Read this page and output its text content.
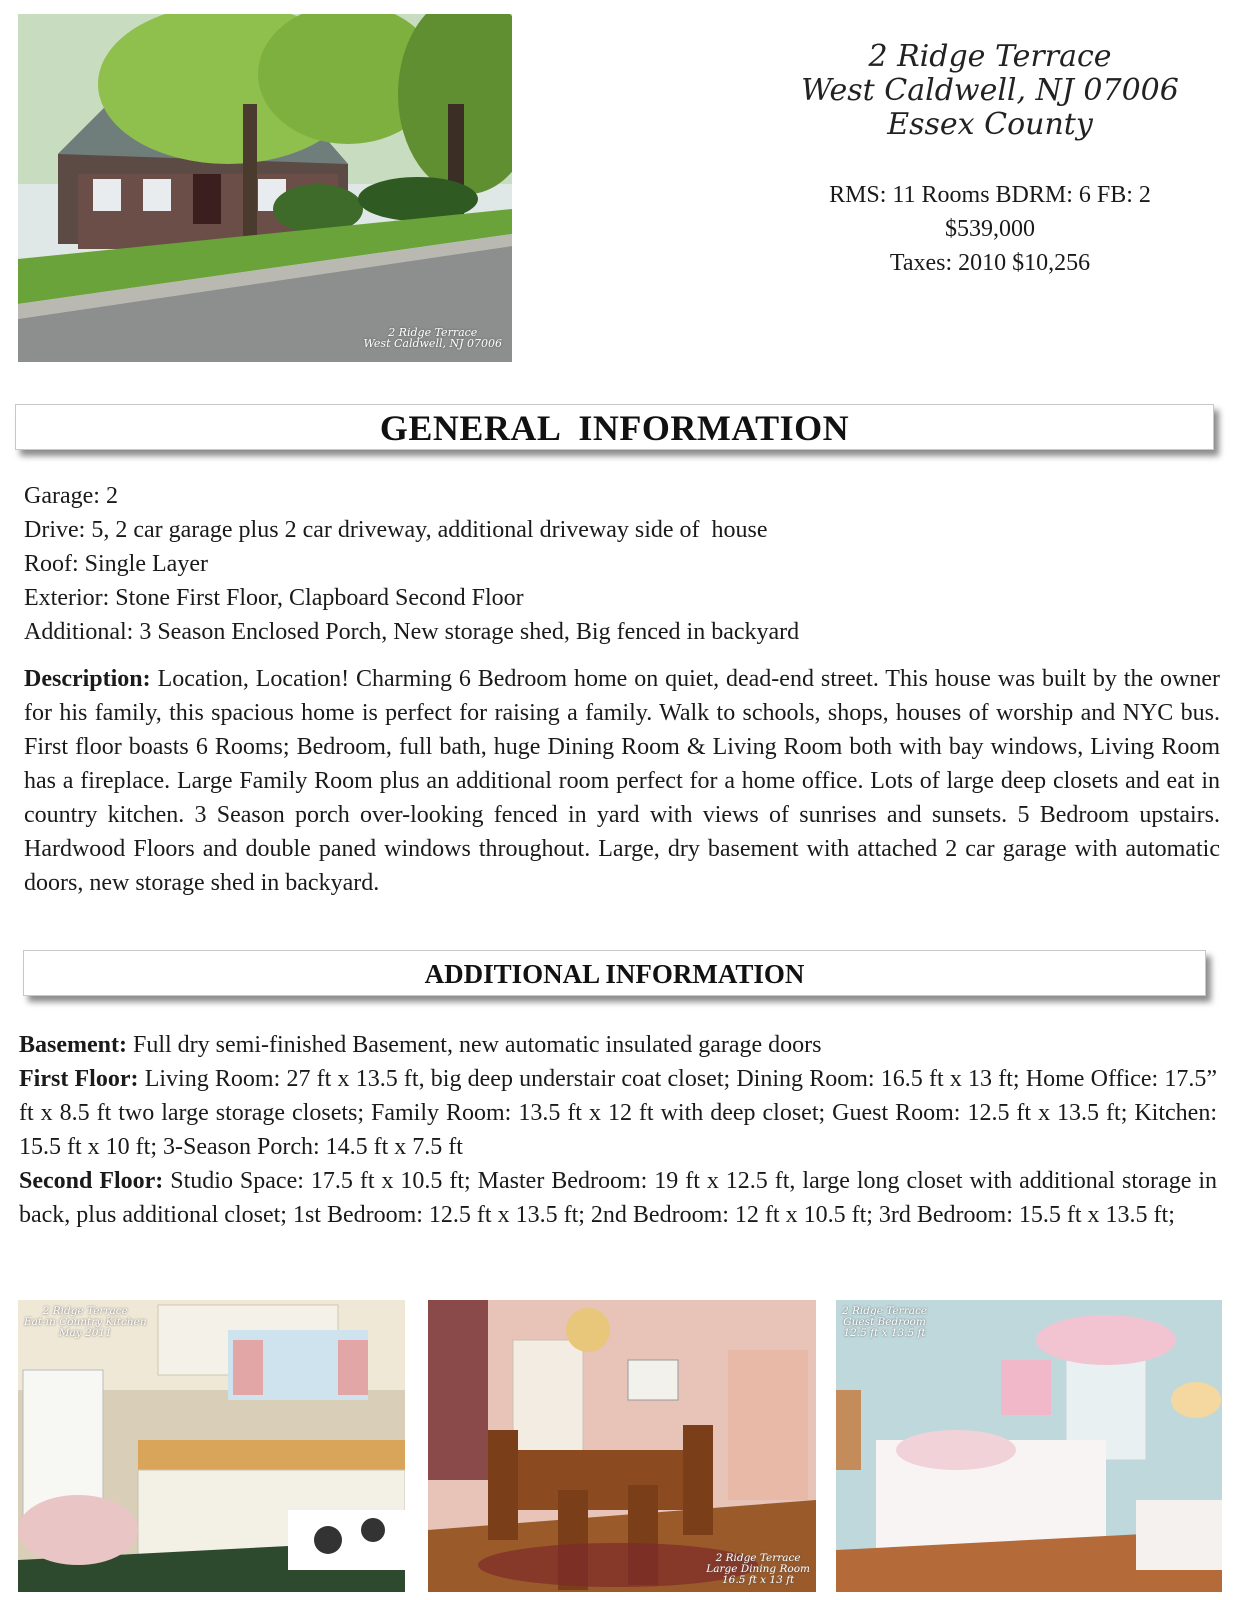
2 Ridge Terrace
West Caldwell, NJ 07006
2 Ridge Terrace
West Caldwell, NJ 07006
Essex County
RMS: 11 Rooms BDRM: 6 FB: 2
$539,000
Taxes: 2010 $10,256
GENERAL  INFORMATION
Garage: 2
Drive: 5, 2 car garage plus 2 car driveway, additional driveway side of  house
Roof: Single Layer
Exterior: Stone First Floor, Clapboard Second Floor
Additional: 3 Season Enclosed Porch, New storage shed, Big fenced in backyard
Description: Location, Location! Charming 6 Bedroom home on quiet, dead-end street. This house was built by the owner for his family, this spacious home is perfect for raising a family. Walk to schools, shops, houses of worship and NYC bus. First floor boasts 6 Rooms; Bedroom, full bath, huge Dining Room & Living Room both with bay windows, Living Room has a fireplace. Large Family Room plus an additional room perfect for a home office. Lots of large deep closets and eat in country kitchen. 3 Season porch over-looking fenced in yard with views of sunrises and sunsets. 5 Bedroom upstairs. Hardwood Floors and double paned windows throughout. Large, dry basement with attached 2 car garage with automatic doors, new storage shed in backyard.
ADDITIONAL INFORMATION
Basement: Full dry semi-finished Basement, new automatic insulated garage doors
First Floor: Living Room: 27 ft x 13.5 ft, big deep understair coat closet; Dining Room: 16.5 ft x 13 ft; Home Office: 17.5” ft x 8.5 ft two large storage closets; Family Room: 13.5 ft x 12 ft with deep closet; Guest Room: 12.5 ft x 13.5 ft; Kitchen: 15.5 ft x 10 ft; 3-Season Porch: 14.5 ft x 7.5 ft
Second Floor: Studio Space: 17.5 ft x 10.5 ft; Master Bedroom: 19 ft x 12.5 ft, large long closet with additional storage in back, plus additional closet; 1st Bedroom: 12.5 ft x 13.5 ft; 2nd Bedroom: 12 ft x 10.5 ft; 3rd Bedroom: 15.5 ft x 13.5 ft;
2 Ridge Terrace
Eat-in Country Kitchen
May 2011
2 Ridge Terrace
Large Dining Room
16.5 ft x 13 ft
2 Ridge Terrace
Guest Bedroom
12.5 ft x 13.5 ft
